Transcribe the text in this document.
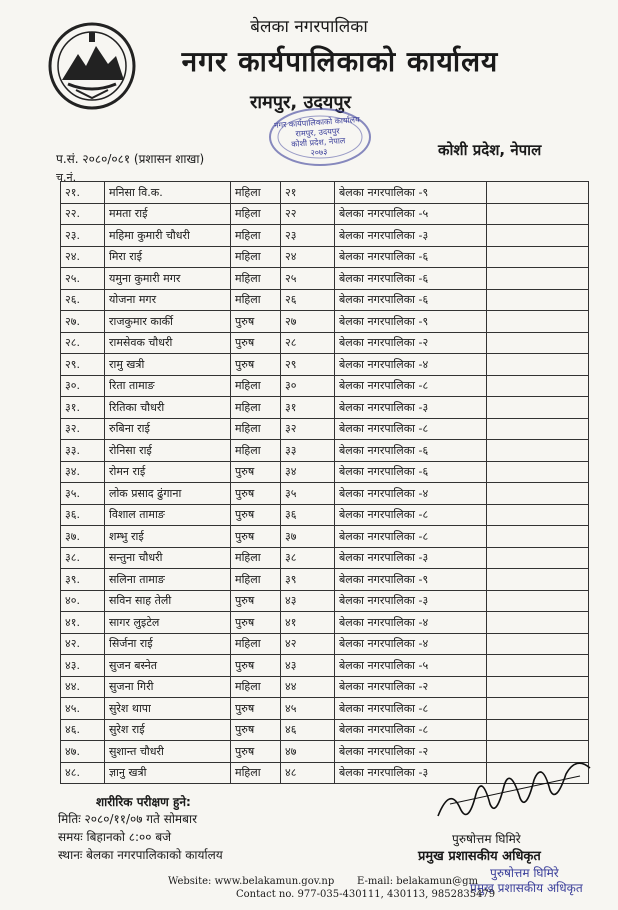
बेलका नगरपालिका
नगर कार्यपालिकाको कार्यालय
रामपुर, उदयपुर
नगर कार्यपालिकाको कार्यालय
रामपुर, उदयपुर
कोशी प्रदेश, नेपाल
२०७३
प.सं. २०८०/०८१ (प्रशासन शाखा)	कोशी प्रदेश, नेपाल
च.नं.
२१.	मनिसा वि.क.	महिला	२१	बेलका नगरपालिका -९	
२२.	ममता राई	महिला	२२	बेलका नगरपालिका -५	
२३.	महिमा कुमारी चौधरी	महिला	२३	बेलका नगरपालिका -३	
२४.	मिरा राई	महिला	२४	बेलका नगरपालिका -६	
२५.	यमुना कुमारी मगर	महिला	२५	बेलका नगरपालिका -६	
२६.	योजना मगर	महिला	२६	बेलका नगरपालिका -६	
२७.	राजकुमार कार्की	पुरुष	२७	बेलका नगरपालिका -९	
२८.	रामसेवक चौधरी	पुरुष	२८	बेलका नगरपालिका -२	
२९.	रामु खत्री	पुरुष	२९	बेलका नगरपालिका -४	
३०.	रिता तामाङ	महिला	३०	बेलका नगरपालिका -८	
३१.	रितिका चौधरी	महिला	३१	बेलका नगरपालिका -३	
३२.	रुबिना राई	महिला	३२	बेलका नगरपालिका -८	
३३.	रोनिसा राई	महिला	३३	बेलका नगरपालिका -६	
३४.	रोमन राई	पुरुष	३४	बेलका नगरपालिका -६	
३५.	लोक प्रसाद ढुंगाना	पुरुष	३५	बेलका नगरपालिका -४	
३६.	विशाल तामाङ	पुरुष	३६	बेलका नगरपालिका -८	
३७.	शम्भु राई	पुरुष	३७	बेलका नगरपालिका -८	
३८.	सन्तुना चौधरी	महिला	३८	बेलका नगरपालिका -३	
३९.	सलिना तामाङ	महिला	३९	बेलका नगरपालिका -९	
४०.	सविन साह तेली	पुरुष	४३	बेलका नगरपालिका -३	
४१.	सागर लुइटेल	पुरुष	४१	बेलका नगरपालिका -४	
४२.	सिर्जना राई	महिला	४२	बेलका नगरपालिका -४	
४३.	सुजन बस्नेत	पुरुष	४३	बेलका नगरपालिका -५	
४४.	सुजना गिरी	महिला	४४	बेलका नगरपालिका -२	
४५.	सुरेश थापा	पुरुष	४५	बेलका नगरपालिका -८	
४६.	सुरेश राई	पुरुष	४६	बेलका नगरपालिका -८	
४७.	सुशान्त चौधरी	पुरुष	४७	बेलका नगरपालिका -२	
४८.	ज्ञानु खत्री	महिला	४८	बेलका नगरपालिका -३	
शारीरिक परीक्षण हुने:
मितिः २०८०/११/०७ गते सोमबार
समयः बिहानको ८:०० बजे
स्थानः बेलका नगरपालिकाको कार्यालय
पुरुषोत्तम घिमिरे
प्रमुख प्रशासकीय अधिकृत
पुरुषोत्तम घिमिरे
प्रमुख प्रशासकीय अधिकृत
Website: www.belakamun.gov.np E-mail: belakamun@gm
Contact no. 977-035-430111, 430113, 9852835479
